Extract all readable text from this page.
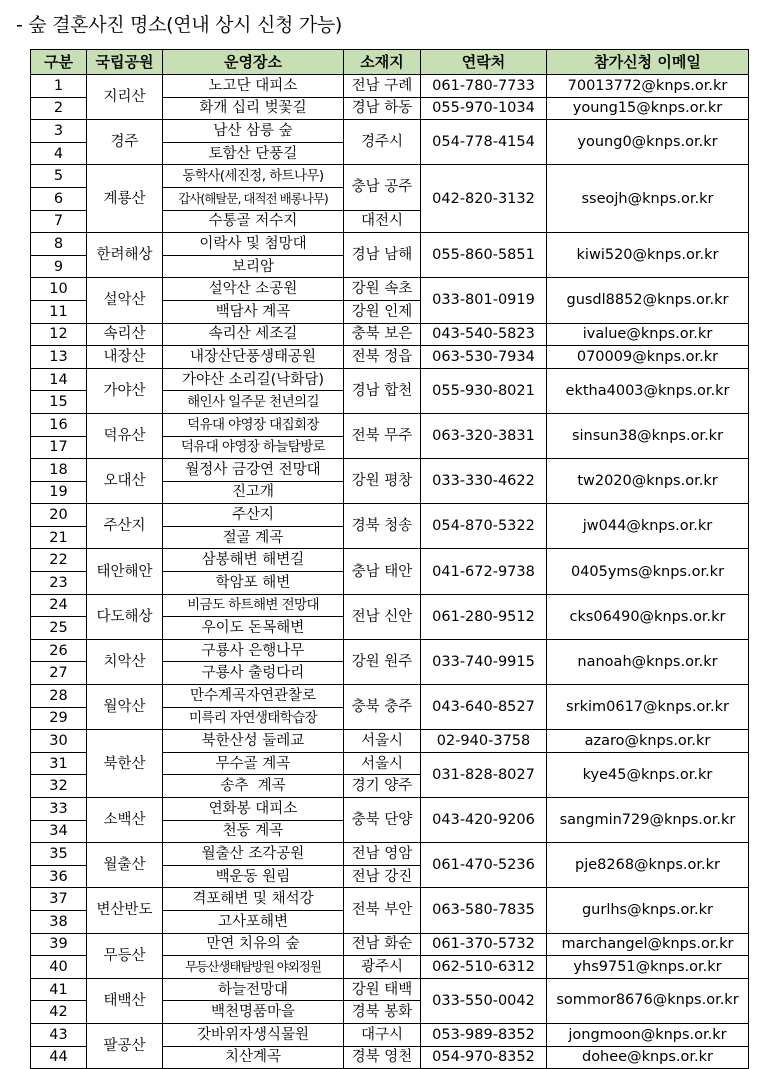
- 숲 결혼사진 명소(연내 상시 신청 가능)
구분	국립공원	운영장소	소재지	연락처	참가신청 이메일
1	지리산	노고단 대피소	전남 구례	061-780-7733	70013772@knps.or.kr
2		화개 십리 벚꽃길	경남 하동	055-970-1034	young15@knps.or.kr
3	경주	남산 삼릉 숲	경주시	054-778-4154	young0@knps.or.kr
4		토함산 단풍길			
5	계룡산	동학사(세진정, 하트나무)	충남 공주	042-820-3132	sseojh@knps.or.kr
6		갑사(해탈문, 대적전 배롱나무)			
7		수통골 저수지	대전시		
8	한려해상	이락사 및 첨망대	경남 남해	055-860-5851	kiwi520@knps.or.kr
9		보리암			
10	설악산	설악산 소공원	강원 속초	033-801-0919	gusdl8852@knps.or.kr
11		백담사 계곡	강원 인제		
12	속리산	속리산 세조길	충북 보은	043-540-5823	ivalue@knps.or.kr
13	내장산	내장산단풍생태공원	전북 정읍	063-530-7934	070009@knps.or.kr
14	가야산	가야산 소리길(낙화담)	경남 합천	055-930-8021	ektha4003@knps.or.kr
15		해인사 일주문 천년의길			
16	덕유산	덕유대 야영장 대집회장	전북 무주	063-320-3831	sinsun38@knps.or.kr
17		덕유대 야영장 하늘탐방로			
18	오대산	월정사 금강연 전망대	강원 평창	033-330-4622	tw2020@knps.or.kr
19		진고개			
20	주산지	주산지	경북 청송	054-870-5322	jw044@knps.or.kr
21		절골 계곡			
22	태안해안	삼봉해변 해변길	충남 태안	041-672-9738	0405yms@knps.or.kr
23		학암포 해변			
24	다도해상	비금도 하트해변 전망대	전남 신안	061-280-9512	cks06490@knps.or.kr
25		우이도 돈목해변			
26	치악산	구룡사 은행나무	강원 원주	033-740-9915	nanoah@knps.or.kr
27		구룡사 출렁다리			
28	월악산	만수계곡자연관찰로	충북 충주	043-640-8527	srkim0617@knps.or.kr
29		미륵리 자연생태학습장			
30	북한산	북한산성 둘레교	서울시	02-940-3758	azaro@knps.or.kr
31		무수골 계곡	서울시	031-828-8027	kye45@knps.or.kr
32		송추  계곡	경기 양주		
33	소백산	연화봉 대피소	충북 단양	043-420-9206	sangmin729@knps.or.kr
34		천동 계곡			
35	월출산	월출산 조각공원	전남 영암	061-470-5236	pje8268@knps.or.kr
36		백운동 원림	전남 강진		
37	변산반도	격포해변 및 채석강	전북 부안	063-580-7835	gurlhs@knps.or.kr
38		고사포해변			
39	무등산	만연 치유의 숲	전남 화순	061-370-5732	marchangel@knps.or.kr
40		무등산생태탐방원 야외정원	광주시	062-510-6312	yhs9751@knps.or.kr
41	태백산	하늘전망대	강원 태백	033-550-0042	sommor8676@knps.or.kr
42		백천명품마을	경북 봉화		
43	팔공산	갓바위자생식물원	대구시	053-989-8352	jongmoon@knps.or.kr
44		치산계곡	경북 영천	054-970-8352	dohee@knps.or.kr
